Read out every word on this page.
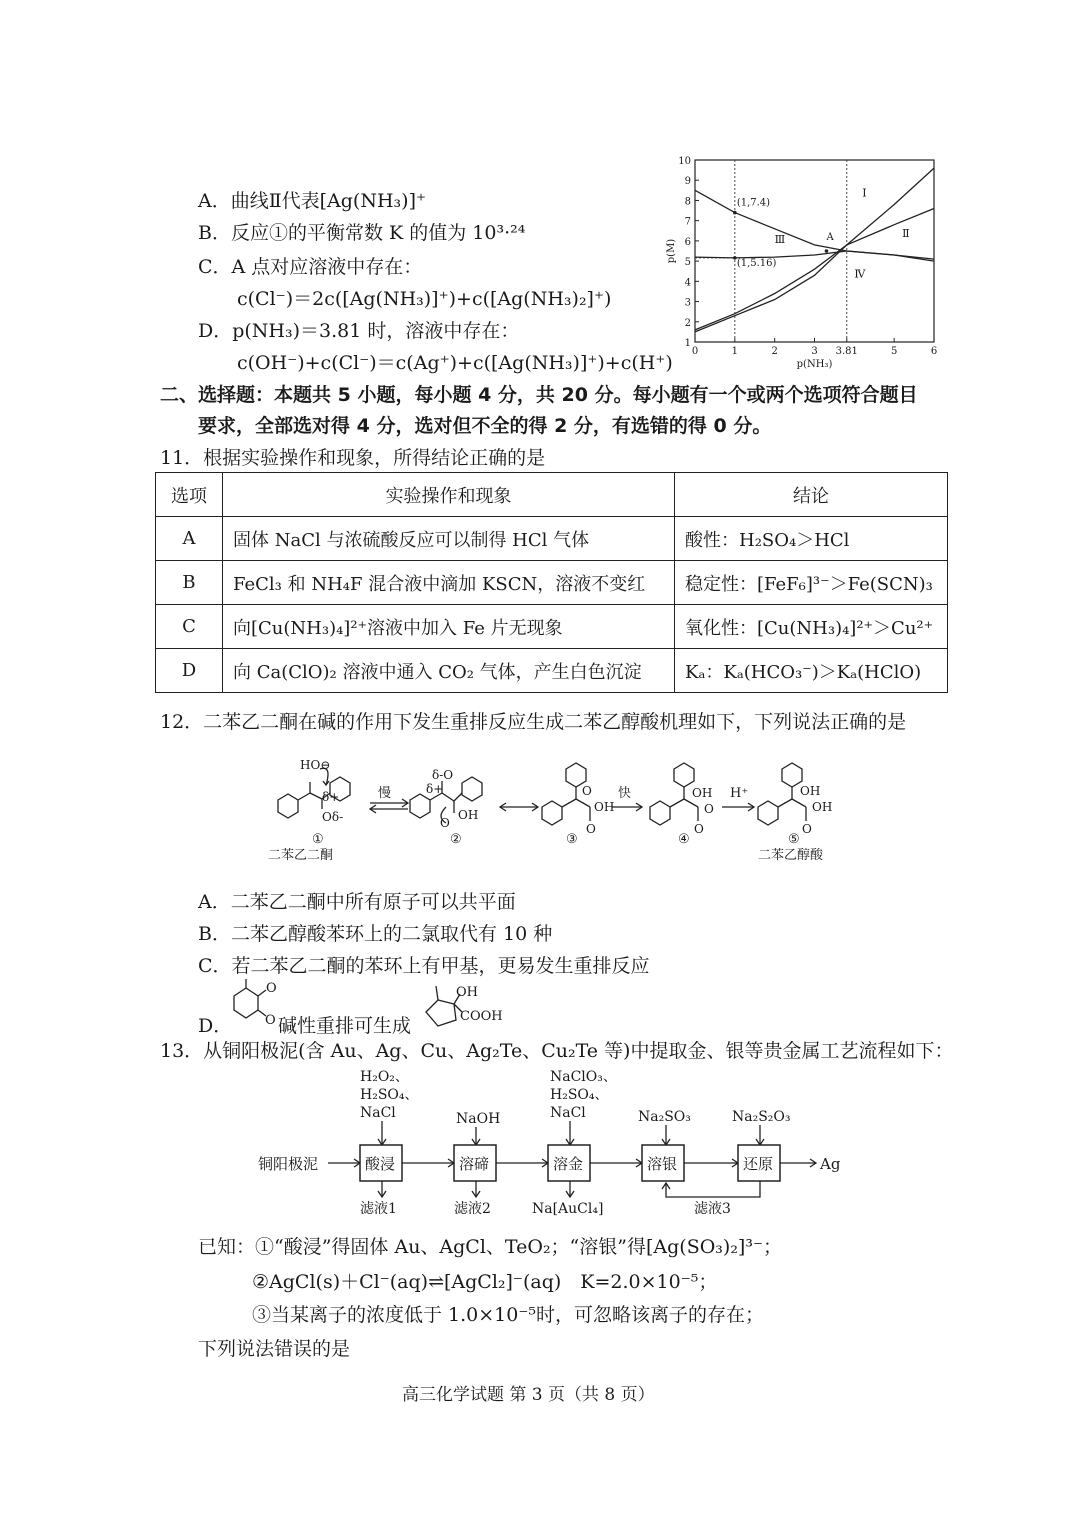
A．曲线Ⅱ代表[Ag(NH₃)]⁺
B．反应①的平衡常数 K 的值为 10³·²⁴
C．A 点对应溶液中存在：
c(Cl⁻)＝2c([Ag(NH₃)]⁺)+c([Ag(NH₃)₂]⁺)
D．p(NH₃)＝3.81 时，溶液中存在：
c(OH⁻)+c(Cl⁻)＝c(Ag⁺)+c([Ag(NH₃)]⁺)+c(H⁺)
1
2
3
4
5
6
7
8
9
10
0	1	2	3 3.81	5	6
p(NH₃)
p(M)
Ⅰ
Ⅱ
Ⅲ
Ⅳ
(1,7.4)
(1,5.16)
A
二、选择题：本题共 5 小题，每小题 4 分，共 20 分。每小题有一个或两个选项符合题目
要求，全部选对得 4 分，选对但不全的得 2 分，有选错的得 0 分。
11．根据实验操作和现象，所得结论正确的是
选项	实验操作和现象	结论
A	固体 NaCl 与浓硫酸反应可以制得 HCl 气体	酸性：H₂SO₄＞HCl
B	FeCl₃ 和 NH₄F 混合液中滴加 KSCN，溶液不变红	稳定性：[FeF₆]³⁻＞Fe(SCN)₃
C	向[Cu(NH₃)₄]²⁺溶液中加入 Fe 片无现象	氧化性：[Cu(NH₃)₄]²⁺＞Cu²⁺
D	向 Ca(ClO)₂ 溶液中通入 CO₂ 气体，产生白色沉淀	Kₐ：Kₐ(HCO₃⁻)＞Kₐ(HClO)
12．二苯乙二酮在碱的作用下发生重排反应生成二苯乙醇酸机理如下，下列说法正确的是
HO⊖
δ+
Oδ-
慢
δ-O
δ+
O
OH
O
OH
O
快	OH
O
O
H⁺	OH
OH
O
①	②	③	④	⑤
二苯乙二酮	二苯乙醇酸
A．二苯乙二酮中所有原子可以共平面
B．二苯乙醇酸苯环上的二氯取代有 10 种
C．若二苯乙二酮的苯环上有甲基，更易发生重排反应
D．
O
O 碱性重排可生成
OH
COOH
13．从铜阳极泥(含 Au、Ag、Cu、Ag₂Te、Cu₂Te 等)中提取金、银等贵金属工艺流程如下：
H₂O₂、
H₂SO₄、
NaCl	NaOH
NaClO₃、
H₂SO₄、
NaCl	Na₂SO₃	Na₂S₂O₃
铜阳极泥	酸浸	溶碲	溶金	溶银	还原	Ag
滤液1	滤液2	Na[AuCl₄]	滤液3
已知：①“酸浸”得固体 Au、AgCl、TeO₂；“溶银”得[Ag(SO₃)₂]³⁻；
②AgCl(s)＋Cl⁻(aq)⇌[AgCl₂]⁻(aq)　K=2.0×10⁻⁵；
③当某离子的浓度低于 1.0×10⁻⁵时，可忽略该离子的存在；
下列说法错误的是
高三化学试题 第 3 页（共 8 页）
